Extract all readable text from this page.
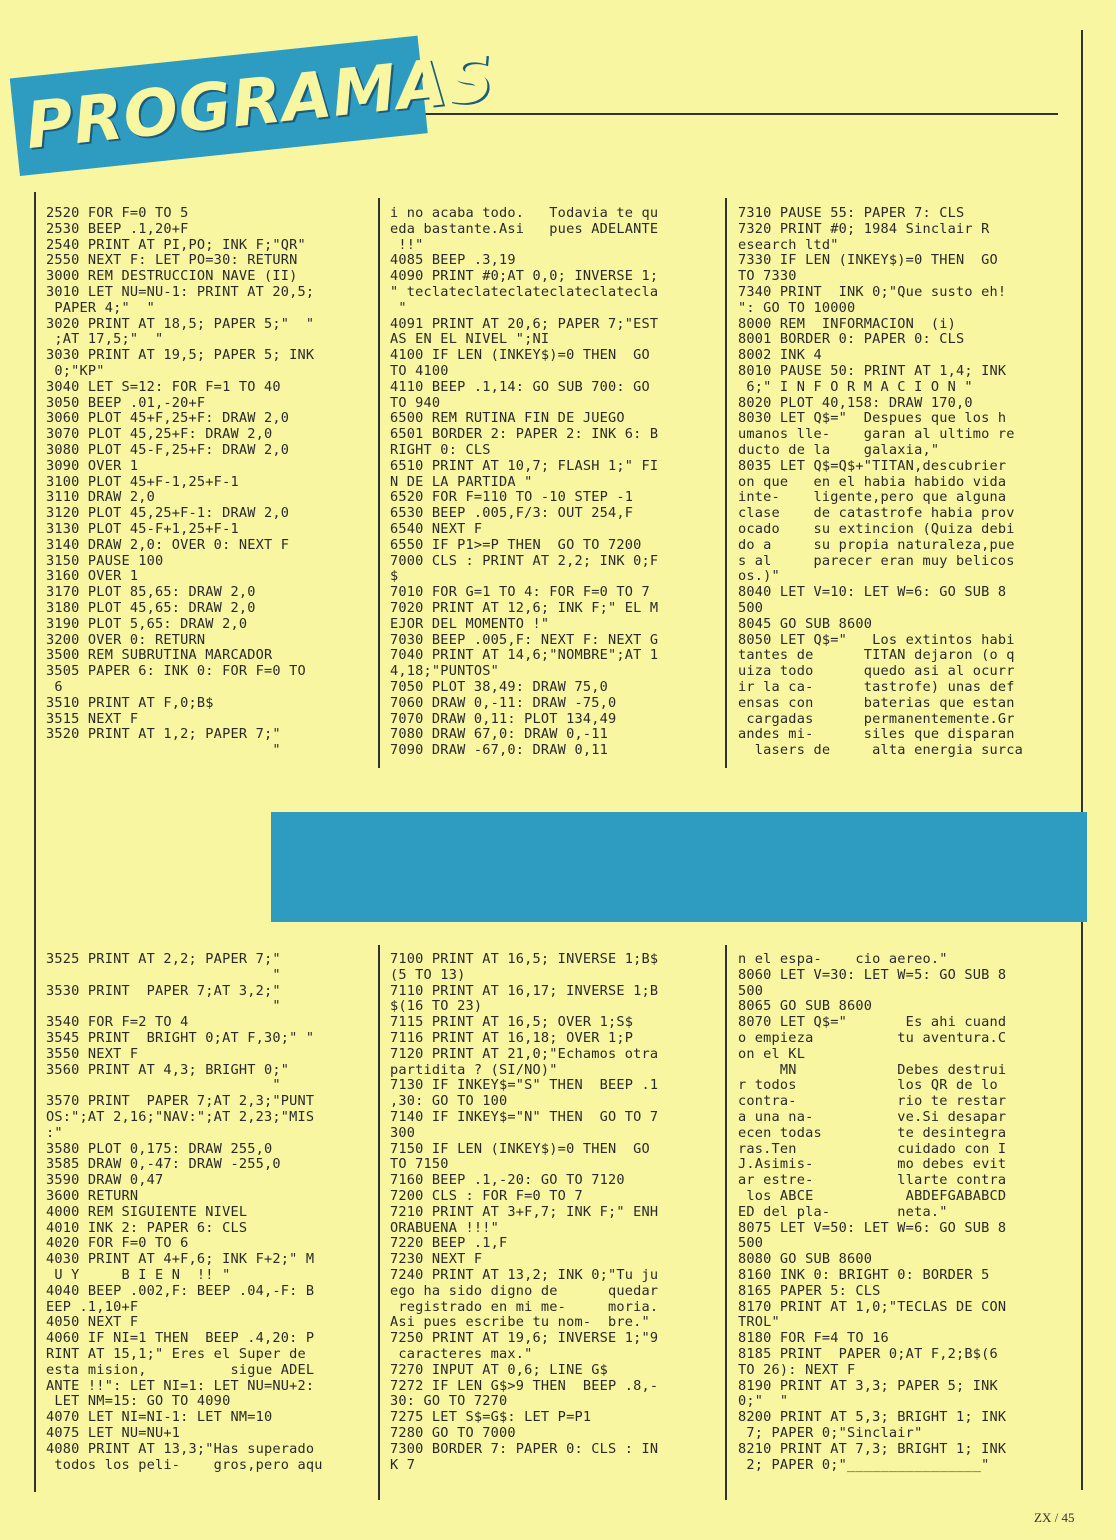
PROGRAMAS
2520 FOR F=0 TO 5
2530 BEEP .1,20+F
2540 PRINT AT PI,PO; INK F;"QR"
2550 NEXT F: LET PO=30: RETURN
3000 REM DESTRUCCION NAVE (II)
3010 LET NU=NU-1: PRINT AT 20,5;
PAPER 4;"  "
3020 PRINT AT 18,5; PAPER 5;"  "
;AT 17,5;"  "
3030 PRINT AT 19,5; PAPER 5; INK
0;"KP"
3040 LET S=12: FOR F=1 TO 40
3050 BEEP .01,-20+F
3060 PLOT 45+F,25+F: DRAW 2,0
3070 PLOT 45,25+F: DRAW 2,0
3080 PLOT 45-F,25+F: DRAW 2,0
3090 OVER 1
3100 PLOT 45+F-1,25+F-1
3110 DRAW 2,0
3120 PLOT 45,25+F-1: DRAW 2,0
3130 PLOT 45-F+1,25+F-1
3140 DRAW 2,0: OVER 0: NEXT F
3150 PAUSE 100
3160 OVER 1
3170 PLOT 85,65: DRAW 2,0
3180 PLOT 45,65: DRAW 2,0
3190 PLOT 5,65: DRAW 2,0
3200 OVER 0: RETURN
3500 REM SUBRUTINA MARCADOR
3505 PAPER 6: INK 0: FOR F=0 TO
6
3510 PRINT AT F,0;B$
3515 NEXT F
3520 PRINT AT 1,2; PAPER 7;"
"
i no acaba todo.   Todavia te qu
eda bastante.Asi   pues ADELANTE
!!"
4085 BEEP .3,19
4090 PRINT #0;AT 0,0; INVERSE 1;
" teclateclateclateclateclatecla
"
4091 PRINT AT 20,6; PAPER 7;"EST
AS EN EL NIVEL ";NI
4100 IF LEN (INKEY$)=0 THEN  GO
TO 4100
4110 BEEP .1,14: GO SUB 700: GO
TO 940
6500 REM RUTINA FIN DE JUEGO
6501 BORDER 2: PAPER 2: INK 6: B
RIGHT 0: CLS
6510 PRINT AT 10,7; FLASH 1;" FI
N DE LA PARTIDA "
6520 FOR F=110 TO -10 STEP -1
6530 BEEP .005,F/3: OUT 254,F
6540 NEXT F
6550 IF P1>=P THEN  GO TO 7200
7000 CLS : PRINT AT 2,2; INK 0;F
$
7010 FOR G=1 TO 4: FOR F=0 TO 7
7020 PRINT AT 12,6; INK F;" EL M
EJOR DEL MOMENTO !"
7030 BEEP .005,F: NEXT F: NEXT G
7040 PRINT AT 14,6;"NOMBRE";AT 1
4,18;"PUNTOS"
7050 PLOT 38,49: DRAW 75,0
7060 DRAW 0,-11: DRAW -75,0
7070 DRAW 0,11: PLOT 134,49
7080 DRAW 67,0: DRAW 0,-11
7090 DRAW -67,0: DRAW 0,11
7310 PAUSE 55: PAPER 7: CLS
7320 PRINT #0; 1984 Sinclair R
esearch ltd"
7330 IF LEN (INKEY$)=0 THEN  GO
TO 7330
7340 PRINT  INK 0;"Que susto eh!
": GO TO 10000
8000 REM  INFORMACION  (i)
8001 BORDER 0: PAPER 0: CLS
8002 INK 4
8010 PAUSE 50: PRINT AT 1,4; INK
6;" I N F O R M A C I O N "
8020 PLOT 40,158: DRAW 170,0
8030 LET Q$="  Despues que los h
umanos lle-    garan al ultimo re
ducto de la    galaxia,"
8035 LET Q$=Q$+"TITAN,descubrier
on que   en el habia habido vida
inte-    ligente,pero que alguna
clase    de catastrofe habia prov
ocado    su extincion (Quiza debi
do a     su propia naturaleza,pue
s al     parecer eran muy belicos
os.)"
8040 LET V=10: LET W=6: GO SUB 8
500
8045 GO SUB 8600
8050 LET Q$="   Los extintos habi
tantes de      TITAN dejaron (o q
uiza todo      quedo asi al ocurr
ir la ca-      tastrofe) unas def
ensas con      baterias que estan
cargadas      permanentemente.Gr
andes mi-      siles que disparan
lasers de     alta energia surca
3525 PRINT AT 2,2; PAPER 7;"
"
3530 PRINT  PAPER 7;AT 3,2;"
"
3540 FOR F=2 TO 4
3545 PRINT  BRIGHT 0;AT F,30;" "
3550 NEXT F
3560 PRINT AT 4,3; BRIGHT 0;"
"
3570 PRINT  PAPER 7;AT 2,3;"PUNT
OS:";AT 2,16;"NAV:";AT 2,23;"MIS
:"
3580 PLOT 0,175: DRAW 255,0
3585 DRAW 0,-47: DRAW -255,0
3590 DRAW 0,47
3600 RETURN
4000 REM SIGUIENTE NIVEL
4010 INK 2: PAPER 6: CLS
4020 FOR F=0 TO 6
4030 PRINT AT 4+F,6; INK F+2;" M
U Y     B I E N  !! "
4040 BEEP .002,F: BEEP .04,-F: B
EEP .1,10+F
4050 NEXT F
4060 IF NI=1 THEN  BEEP .4,20: P
RINT AT 15,1;" Eres el Super de
esta mision,          sigue ADEL
ANTE !!": LET NI=1: LET NU=NU+2:
LET NM=15: GO TO 4090
4070 LET NI=NI-1: LET NM=10
4075 LET NU=NU+1
4080 PRINT AT 13,3;"Has superado
todos los peli-    gros,pero aqu
7100 PRINT AT 16,5; INVERSE 1;B$
(5 TO 13)
7110 PRINT AT 16,17; INVERSE 1;B
$(16 TO 23)
7115 PRINT AT 16,5; OVER 1;S$
7116 PRINT AT 16,18; OVER 1;P
7120 PRINT AT 21,0;"Echamos otra
partidita ? (SI/NO)"
7130 IF INKEY$="S" THEN  BEEP .1
,30: GO TO 100
7140 IF INKEY$="N" THEN  GO TO 7
300
7150 IF LEN (INKEY$)=0 THEN  GO
TO 7150
7160 BEEP .1,-20: GO TO 7120
7200 CLS : FOR F=0 TO 7
7210 PRINT AT 3+F,7; INK F;" ENH
ORABUENA !!!"
7220 BEEP .1,F
7230 NEXT F
7240 PRINT AT 13,2; INK 0;"Tu ju
ego ha sido digno de      quedar
registrado en mi me-     moria.
Asi pues escribe tu nom-  bre."
7250 PRINT AT 19,6; INVERSE 1;"9
caracteres max."
7270 INPUT AT 0,6; LINE G$
7272 IF LEN G$>9 THEN  BEEP .8,-
30: GO TO 7270
7275 LET S$=G$: LET P=P1
7280 GO TO 7000
7300 BORDER 7: PAPER 0: CLS : IN
K 7
n el espa-    cio aereo."
8060 LET V=30: LET W=5: GO SUB 8
500
8065 GO SUB 8600
8070 LET Q$="       Es ahi cuand
o empieza          tu aventura.C
on el KL
MN            Debes destrui
r todos            los QR de lo
contra-            rio te restar
a una na-          ve.Si desapar
ecen todas         te desintegra
ras.Ten            cuidado con I
J.Asimis-          mo debes evit
ar estre-          llarte contra
los ABCE           ABDEFGABABCD
ED del pla-        neta."
8075 LET V=50: LET W=6: GO SUB 8
500
8080 GO SUB 8600
8160 INK 0: BRIGHT 0: BORDER 5
8165 PAPER 5: CLS
8170 PRINT AT 1,0;"TECLAS DE CON
TROL"
8180 FOR F=4 TO 16
8185 PRINT  PAPER 0;AT F,2;B$(6
TO 26): NEXT F
8190 PRINT AT 3,3; PAPER 5; INK
0;"  "
8200 PRINT AT 5,3; BRIGHT 1; INK
7; PAPER 0;"Sinclair"
8210 PRINT AT 7,3; BRIGHT 1; INK
2; PAPER 0;"________________"
ZX / 45
